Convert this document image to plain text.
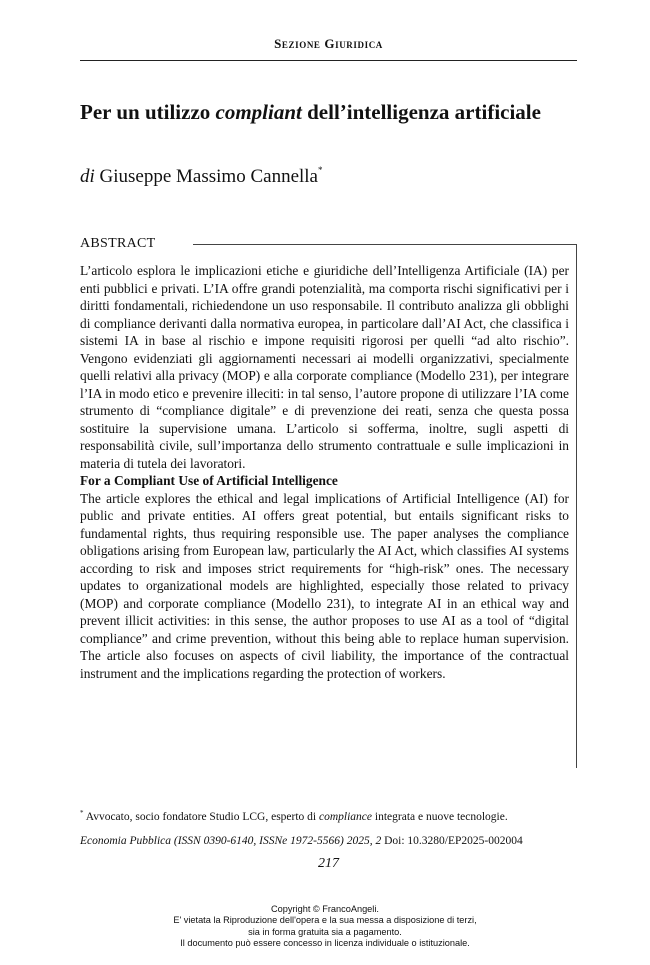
Sezione Giuridica
Per un utilizzo compliant dell’intelligenza artificiale
di Giuseppe Massimo Cannella*
ABSTRACT

L’articolo esplora le implicazioni etiche e giuridiche dell’Intelligenza Artificiale (IA) per enti pubblici e privati. L’IA offre grandi potenzialità, ma comporta rischi significativi per i diritti fondamentali, richiedendone un uso responsabile. Il contributo analizza gli obblighi di compliance derivanti dalla normativa europea, in particolare dall’AI Act, che classifica i sistemi IA in base al rischio e impone requisiti rigorosi per quelli “ad alto rischio”. Vengono evidenziati gli aggiornamenti necessari ai modelli organizzativi, specialmente quelli relativi alla privacy (MOP) e alla corporate compliance (Modello 231), per integrare l’IA in modo etico e prevenire illeciti: in tal senso, l’autore propone di utilizzare l’IA come strumento di “compliance digitale” e di prevenzione dei reati, senza che questa possa sostituire la supervisione umana. L’articolo si sofferma, inoltre, sugli aspetti di responsabilità civile, sull’importanza dello strumento contrattuale e sulle implicazioni in materia di tutela dei lavoratori.

For a Compliant Use of Artificial Intelligence

The article explores the ethical and legal implications of Artificial Intelligence (AI) for public and private entities. AI offers great potential, but entails significant risks to fundamental rights, thus requiring responsible use. The paper analyses the compliance obligations arising from European law, particularly the AI Act, which classifies AI systems according to risk and imposes strict requirements for “high-risk” ones. The necessary updates to organizational models are highlighted, especially those related to privacy (MOP) and corporate compliance (Modello 231), to integrate AI in an ethical way and prevent illicit activities: in this sense, the author proposes to use AI as a tool of “digital compliance” and crime prevention, without this being able to replace human supervision. The article also focuses on aspects of civil liability, the importance of the contractual instrument and the implications regarding the protection of workers.

* Avvocato, socio fondatore Studio LCG, esperto di compliance integrata e nuove tecnologie.
Economia Pubblica (ISSN 0390-6140, ISSNe 1972-5566) 2025, 2 Doi: 10.3280/EP2025-002004
217
Copyright © FrancoAngeli.
E' vietata la Riproduzione dell'opera e la sua messa a disposizione di terzi,
sia in forma gratuita sia a pagamento.
Il documento può essere concesso in licenza individuale o istituzionale.
